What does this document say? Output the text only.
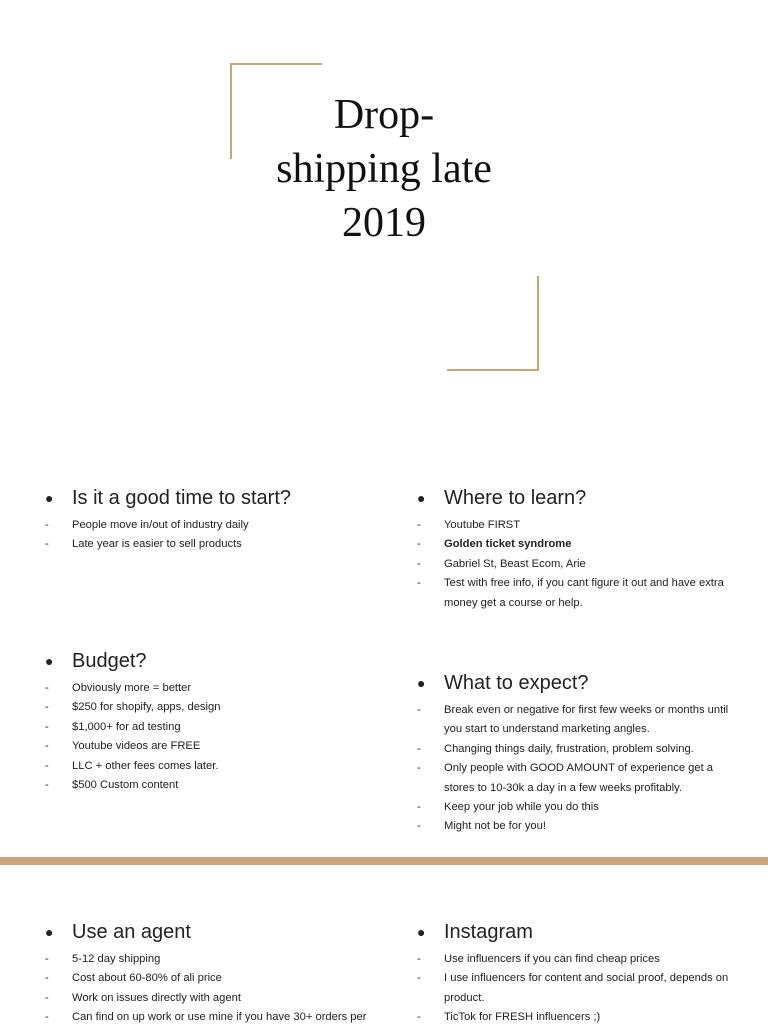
Drop-
shipping late
2019
● Is it a good time to start?
-	People move in/out of industry daily
-	Late year is easier to sell products
● Budget?
-	Obviously more = better
-	$250 for shopify, apps, design
-	$1,000+ for ad testing
-	Youtube videos are FREE
-	LLC + other fees comes later.
-	$500 Custom content
● Where to learn?
-	Youtube FIRST
-	Golden ticket syndrome
-	Gabriel St, Beast Ecom, Arie
-	Test with free info, if you cant figure it out and have extra money get a course or help.
● What to expect?
-	Break even or negative for first few weeks or months until you start to understand marketing angles.
-	Changing things daily, frustration, problem solving.
-	Only people with GOOD AMOUNT of experience get a stores to 10-30k a day in a few weeks profitably.
-	Keep your job while you do this
-	Might not be for you!
● Use an agent
-	5-12 day shipping
-	Cost about 60-80% of ali price
-	Work on issues directly with agent
-	Can find on up work or use mine if you have 30+ orders per
● Instagram
-	Use influencers if you can find cheap prices
-	I use influencers for content and social proof, depends on product.
-	TicTok for FRESH influencers ;)
